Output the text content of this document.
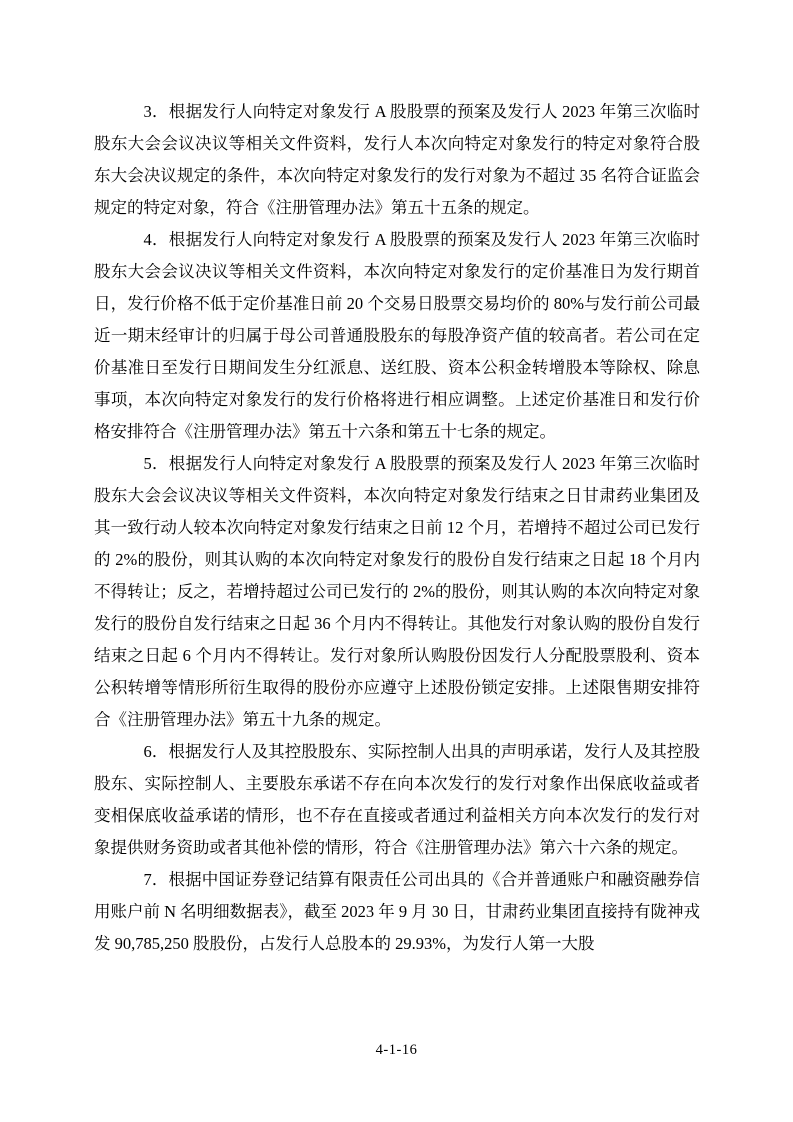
3．根据发行人向特定对象发行 A 股股票的预案及发行人 2023 年第三次临时股东大会会议决议等相关文件资料，发行人本次向特定对象发行的特定对象符合股东大会决议规定的条件，本次向特定对象发行的发行对象为不超过 35 名符合证监会规定的特定对象，符合《注册管理办法》第五十五条的规定。

4．根据发行人向特定对象发行 A 股股票的预案及发行人 2023 年第三次临时股东大会会议决议等相关文件资料，本次向特定对象发行的定价基准日为发行期首日，发行价格不低于定价基准日前 20 个交易日股票交易均价的 80%与发行前公司最近一期末经审计的归属于母公司普通股股东的每股净资产值的较高者。若公司在定价基准日至发行日期间发生分红派息、送红股、资本公积金转增股本等除权、除息事项，本次向特定对象发行的发行价格将进行相应调整。上述定价基准日和发行价格安排符合《注册管理办法》第五十六条和第五十七条的规定。

5．根据发行人向特定对象发行 A 股股票的预案及发行人 2023 年第三次临时股东大会会议决议等相关文件资料，本次向特定对象发行结束之日甘肃药业集团及其一致行动人较本次向特定对象发行结束之日前 12 个月，若增持不超过公司已发行的 2%的股份，则其认购的本次向特定对象发行的股份自发行结束之日起 18 个月内不得转让；反之，若增持超过公司已发行的 2%的股份，则其认购的本次向特定对象发行的股份自发行结束之日起 36 个月内不得转让。其他发行对象认购的股份自发行结束之日起 6 个月内不得转让。发行对象所认购股份因发行人分配股票股利、资本公积转增等情形所衍生取得的股份亦应遵守上述股份锁定安排。上述限售期安排符合《注册管理办法》第五十九条的规定。

6．根据发行人及其控股股东、实际控制人出具的声明承诺，发行人及其控股股东、实际控制人、主要股东承诺不存在向本次发行的发行对象作出保底收益或者变相保底收益承诺的情形，也不存在直接或者通过利益相关方向本次发行的发行对象提供财务资助或者其他补偿的情形，符合《注册管理办法》第六十六条的规定。

7．根据中国证券登记结算有限责任公司出具的《合并普通账户和融资融券信用账户前 N 名明细数据表》，截至 2023 年 9 月 30 日，甘肃药业集团直接持有陇神戎发 90,785,250 股股份，占发行人总股本的 29.93%，为发行人第一大股

4-1-16
